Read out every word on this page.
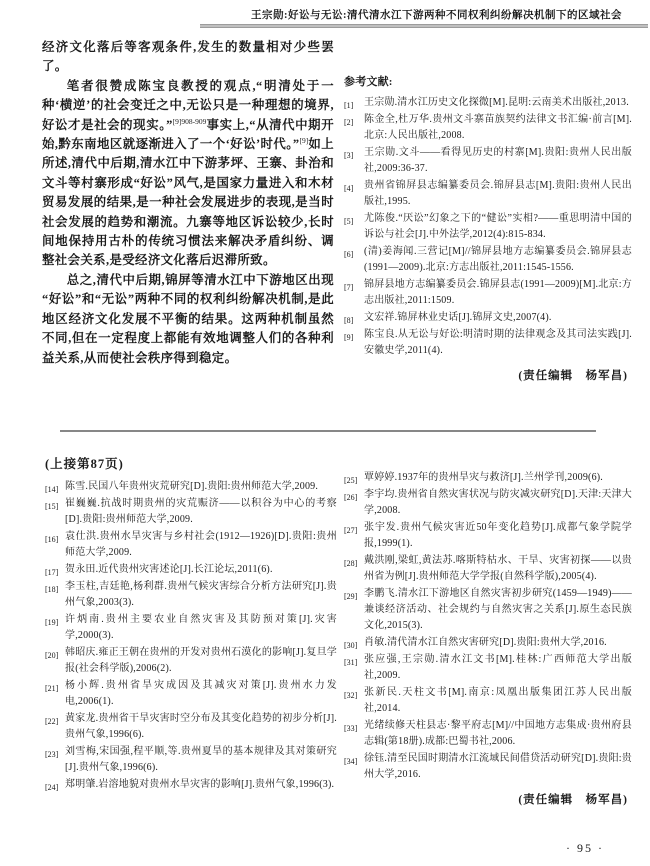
王宗勋:好讼与无讼:清代清水江下游两种不同权利纠纷解决机制下的区域社会

经济文化落后等客观条件,发生的数量相对少些罢了。

笔者很赞成陈宝良教授的观点,“明清处于一种‘横逆’的社会变迁之中,无讼只是一种理想的境界,好讼才是社会的现实。”$^{[9]908-909}$事实上,“从清代中期开始,黔东南地区就逐渐进入了一个‘好讼’时代。”[9]如上所述,清代中后期,清水江中下游茅坪、王寨、卦治和文斗等村寨形成“好讼”风气,是国家力量进入和木材贸易发展的结果,是一种社会发展进步的表现,是当时社会发展的趋势和潮流。九寨等地区诉讼较少,长时间地保持用古朴的传统习惯法来解决矛盾纠纷、调整社会关系,是受经济文化落后迟滞所致。

总之,清代中后期,锦屏等清水江中下游地区出现“好讼”和“无讼”两种不同的权利纠纷解决机制,是此地区经济文化发展不平衡的结果。这两种机制虽然不同,但在一定程度上都能有效地调整人们的各种利益关系,从而使社会秩序得到稳定。

参考文献:

[1] 王宗勋.清水江历史文化探微[M].昆明:云南美术出版社,2013.
[2] 陈金全,杜万华.贵州文斗寨苗族契约法律文书汇编·前言[M].北京:人民出版社,2008.
[3] 王宗勋.文斗——看得见历史的村寨[M].贵阳:贵州人民出版社,2009:36-37.
[4] 贵州省锦屏县志编纂委员会.锦屏县志[M].贵阳:贵州人民出版社,1995.
[5] 尤陈俊.“厌讼”幻象之下的“健讼”实相?——重思明清中国的诉讼与社会[J].中外法学,2012(4):815-834.
[6] (清)姜海闻.三营记[M]//锦屏县地方志编纂委员会.锦屏县志(1991—2009).北京:方志出版社,2011:1545-1556.
[7] 锦屏县地方志编纂委员会.锦屏县志(1991—2009)[M].北京:方志出版社,2011:1509.
[8] 文宏祥.锦屏林业史话[J].锦屏文史,2007(4).
[9] 陈宝良.从无讼与好讼:明清时期的法律观念及其司法实践[J].安徽史学,2011(4).
(责任编辑　杨军昌)

(上接第87页)

[14] 陈雪.民国八年贵州灾荒研究[D].贵阳:贵州师范大学,2009.
[15] 崔巍巍.抗战时期贵州的灾荒赈济——以积谷为中心的考察[D].贵阳:贵州师范大学,2009.
[16] 袁仕洪.贵州水旱灾害与乡村社会(1912—1926)[D].贵阳:贵州师范大学,2009.
[17] 贺永田.近代贵州灾害述论[J].长江论坛,2011(6).
[18] 李玉柱,吉廷艳,杨利群.贵州气候灾害综合分析方法研究[J].贵州气象,2003(3).
[19] 许炳南.贵州主要农业自然灾害及其防预对策[J].灾害学,2000(3).
[20] 韩昭庆.雍正王朝在贵州的开发对贵州石漠化的影响[J].复旦学报(社会科学版),2006(2).
[21] 杨小辉.贵州省旱灾成因及其减灾对策[J].贵州水力发电,2006(1).
[22] 黄家龙.贵州省干旱灾害时空分布及其变化趋势的初步分析[J].贵州气象,1996(6).
[23] 刘雪梅,宋国强,程平顺,等.贵州夏旱的基本规律及其对策研究[J].贵州气象,1996(6).
[24] 郑明肇.岩溶地貌对贵州水旱灾害的影响[J].贵州气象,1996(3).
[25] 覃婷婷.1937年的贵州旱灾与救济[J].兰州学刊,2009(6).
[26] 李宇均.贵州省自然灾害状况与防灾减灾研究[D].天津:天津大学,2008.
[27] 张宇发.贵州气候灾害近50年变化趋势[J].成都气象学院学报,1999(1).
[28] 戴洪刚,梁虹,黄法苏.喀斯特枯水、干旱、灾害初探——以贵州省为例[J].贵州师范大学学报(自然科学版),2005(4).
[29] 李鹏飞.清水江下游地区自然灾害初步研究(1459—1949)——兼谈经济活动、社会规约与自然灾害之关系[J].原生态民族文化,2015(3).
[30] 肖敏.清代清水江自然灾害研究[D].贵阳:贵州大学,2016.
[31] 张应强,王宗勋.清水江文书[M].桂林:广西师范大学出版社,2009.
[32] 张新民.天柱文书[M].南京:凤凰出版集团江苏人民出版社,2014.
[33] 光绪续修天柱县志·黎平府志[M]//中国地方志集成·贵州府县志辑(第18册).成都:巴蜀书社,2006.
[34] 徐钰.清至民国时期清水江流域民间借贷活动研究[D].贵阳:贵州大学,2016.
(责任编辑　杨军昌)
· 95 ·
